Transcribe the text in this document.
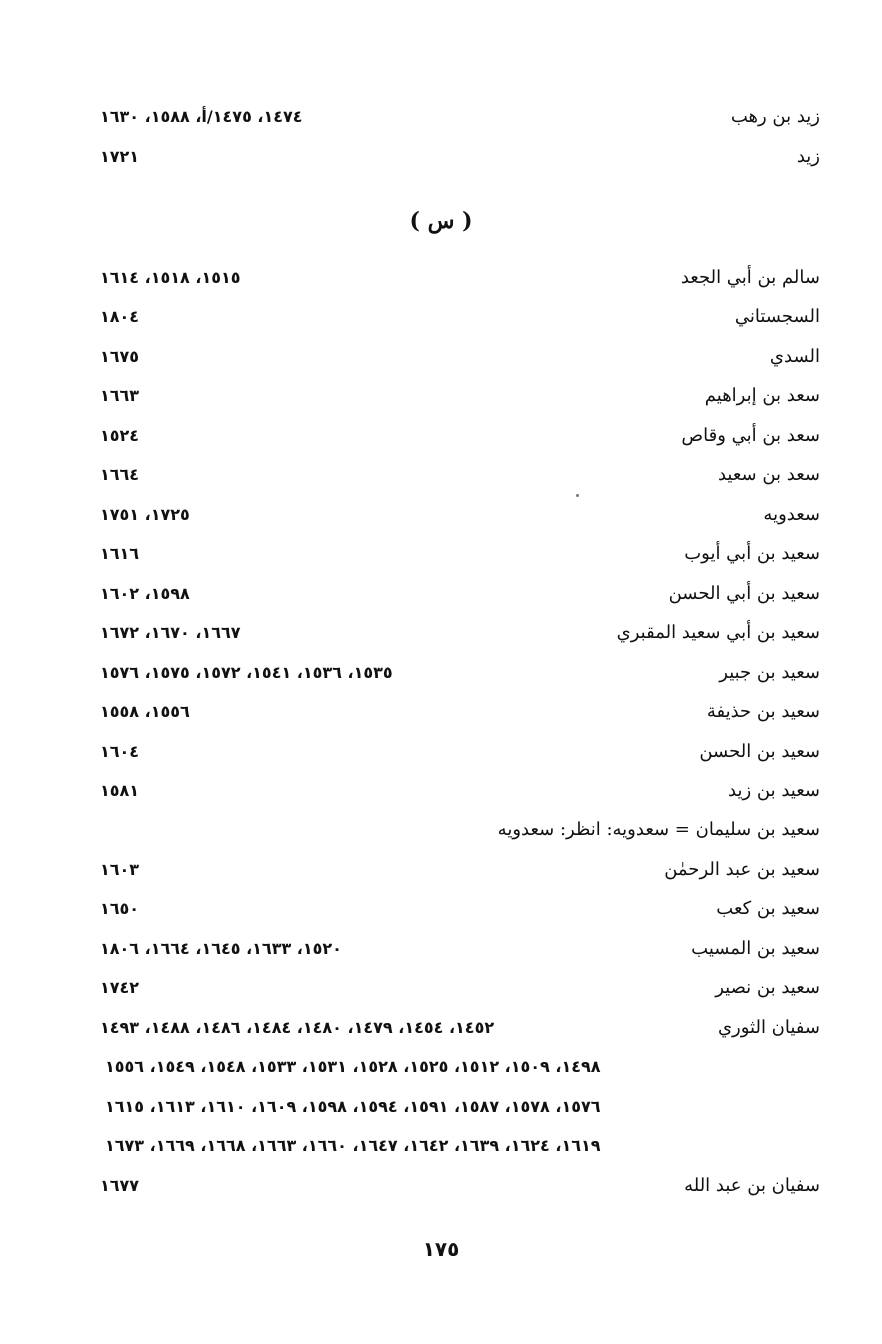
زيد بن رهب
١٤٧٤، ١٤٧٥/أ، ١٥٨٨، ١٦٣٠
زيد
١٧٢١
( س )
سالم بن أبي الجعد
١٥١٥، ١٥١٨، ١٦١٤
السجستاني
١٨٠٤
السدي
١٦٧٥
سعد بن إبراهيم
١٦٦٣
سعد بن أبي وقاص
١٥٢٤
سعد بن سعيد
١٦٦٤
سعدويه
١٧٢٥، ١٧٥١
سعيد بن أبي أيوب
١٦١٦
سعيد بن أبي الحسن
١٥٩٨، ١٦٠٢
سعيد بن أبي سعيد المقبري
١٦٦٧، ١٦٧٠، ١٦٧٢
سعيد بن جبير
١٥٣٥، ١٥٣٦، ١٥٤١، ١٥٧٢، ١٥٧٥، ١٥٧٦
سعيد بن حذيفة
١٥٥٦، ١٥٥٨
سعيد بن الحسن
١٦٠٤
سعيد بن زيد
١٥٨١
سعيد بن سليمان = سعدويه: انظر: سعدويه
سعيد بن عبد الرحمٰن
١٦٠٣
سعيد بن كعب
١٦٥٠
سعيد بن المسيب
١٥٢٠، ١٦٣٣، ١٦٤٥، ١٦٦٤، ١٨٠٦
سعيد بن نصير
١٧٤٢
سفيان الثوري
١٤٥٢، ١٤٥٤، ١٤٧٩، ١٤٨٠، ١٤٨٤، ١٤٨٦، ١٤٨٨، ١٤٩٣
١٤٩٨، ١٥٠٩، ١٥١٢، ١٥٢٥، ١٥٢٨، ١٥٣١، ١٥٣٣، ١٥٤٨، ١٥٤٩، ١٥٥٦
١٥٧٦، ١٥٧٨، ١٥٨٧، ١٥٩١، ١٥٩٤، ١٥٩٨، ١٦٠٩، ١٦١٠، ١٦١٣، ١٦١٥
١٦١٩، ١٦٢٤، ١٦٣٩، ١٦٤٢، ١٦٤٧، ١٦٦٠، ١٦٦٣، ١٦٦٨، ١٦٦٩، ١٦٧٣
سفيان بن عبد الله
١٦٧٧
١٧٥
